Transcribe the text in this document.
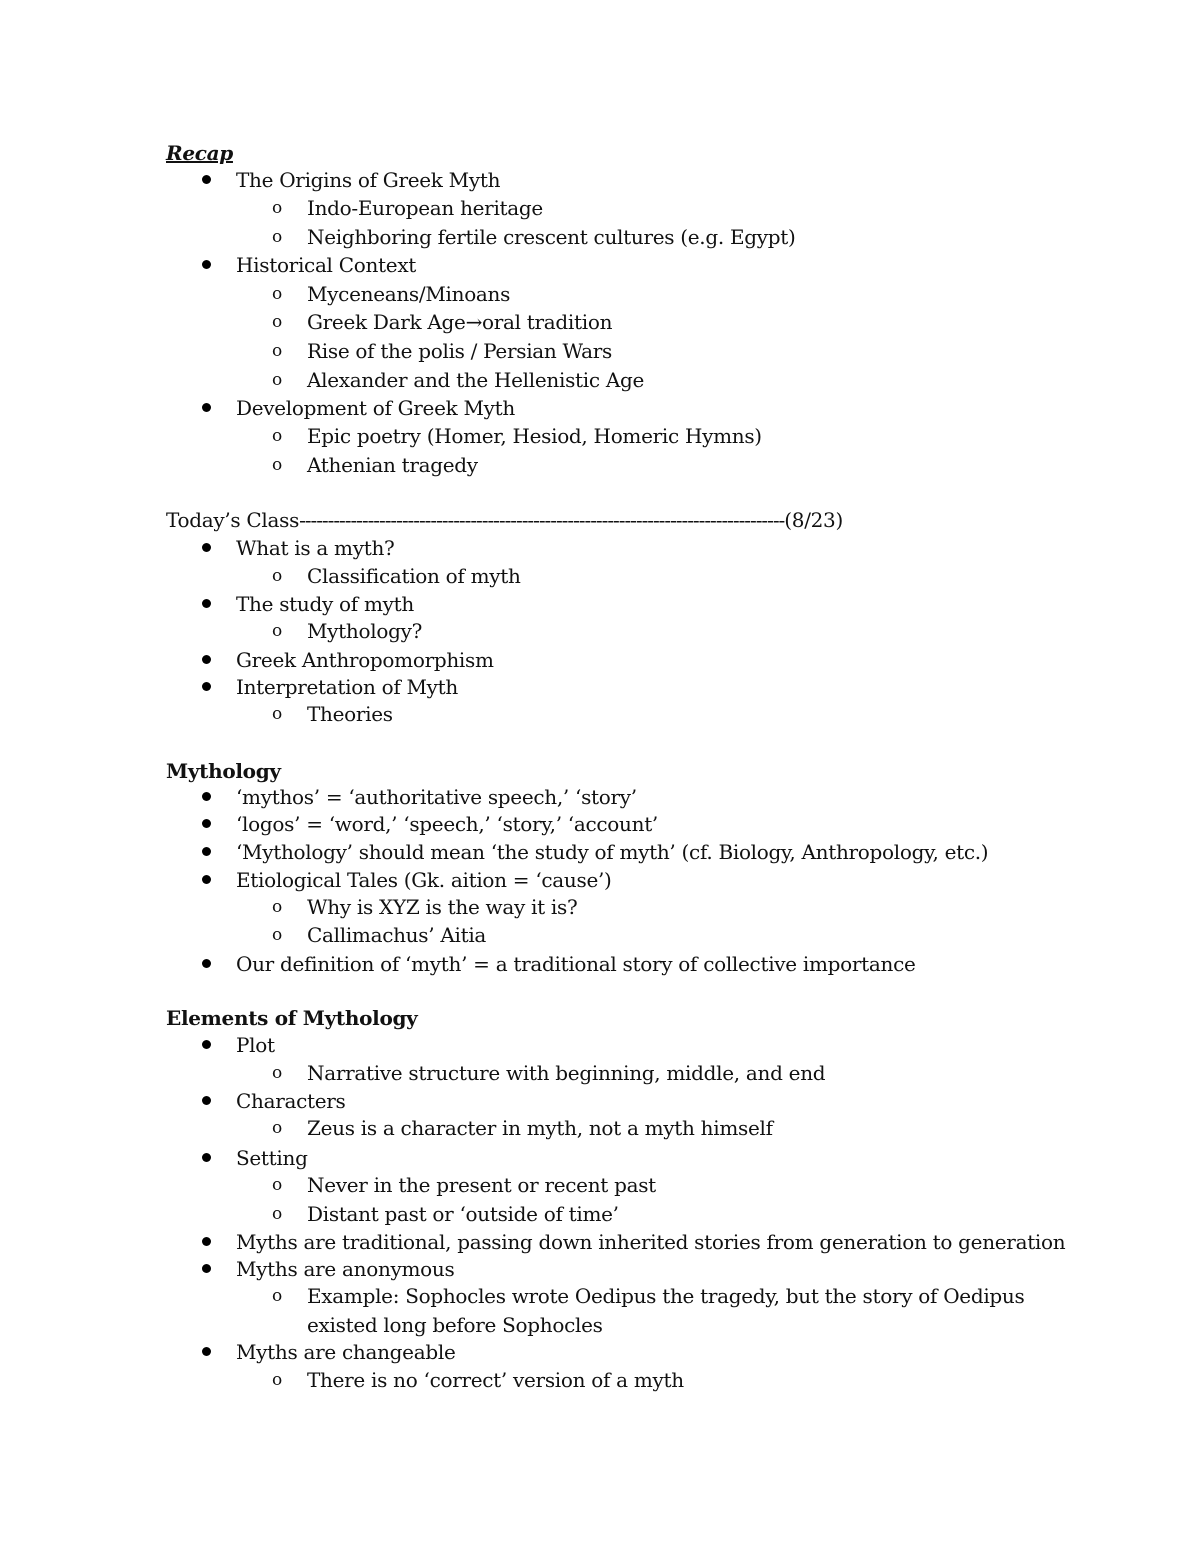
Recap
The Origins of Greek Myth
o Indo-European heritage
o Neighboring fertile crescent cultures (e.g. Egypt)
Historical Context
o Myceneans/Minoans
o Greek Dark Age→oral tradition
o Rise of the polis / Persian Wars
o Alexander and the Hellenistic Age
Development of Greek Myth
o Epic poetry (Homer, Hesiod, Homeric Hymns)
o Athenian tragedy
Today’s Class-------------------------------------------------------------------------------------(8/23)
What is a myth?
o Classification of myth
The study of myth
o Mythology?
Greek Anthropomorphism
Interpretation of Myth
o Theories
Mythology
‘mythos’ = ‘authoritative speech,’ ‘story’
‘logos’ = ‘word,’ ‘speech,’ ‘story,’ ‘account’
‘Mythology’ should mean ‘the study of myth’ (cf. Biology, Anthropology, etc.)
Etiological Tales (Gk. aition = ‘cause’)
o Why is XYZ is the way it is?
o Callimachus’ Aitia
Our definition of ‘myth’ = a traditional story of collective importance
Elements of Mythology
Plot
o Narrative structure with beginning, middle, and end
Characters
o Zeus is a character in myth, not a myth himself
Setting
o Never in the present or recent past
o Distant past or ‘outside of time’
Myths are traditional, passing down inherited stories from generation to generation
Myths are anonymous
o Example: Sophocles wrote Oedipus the tragedy, but the story of Oedipus
existed long before Sophocles
Myths are changeable
o There is no ‘correct’ version of a myth
